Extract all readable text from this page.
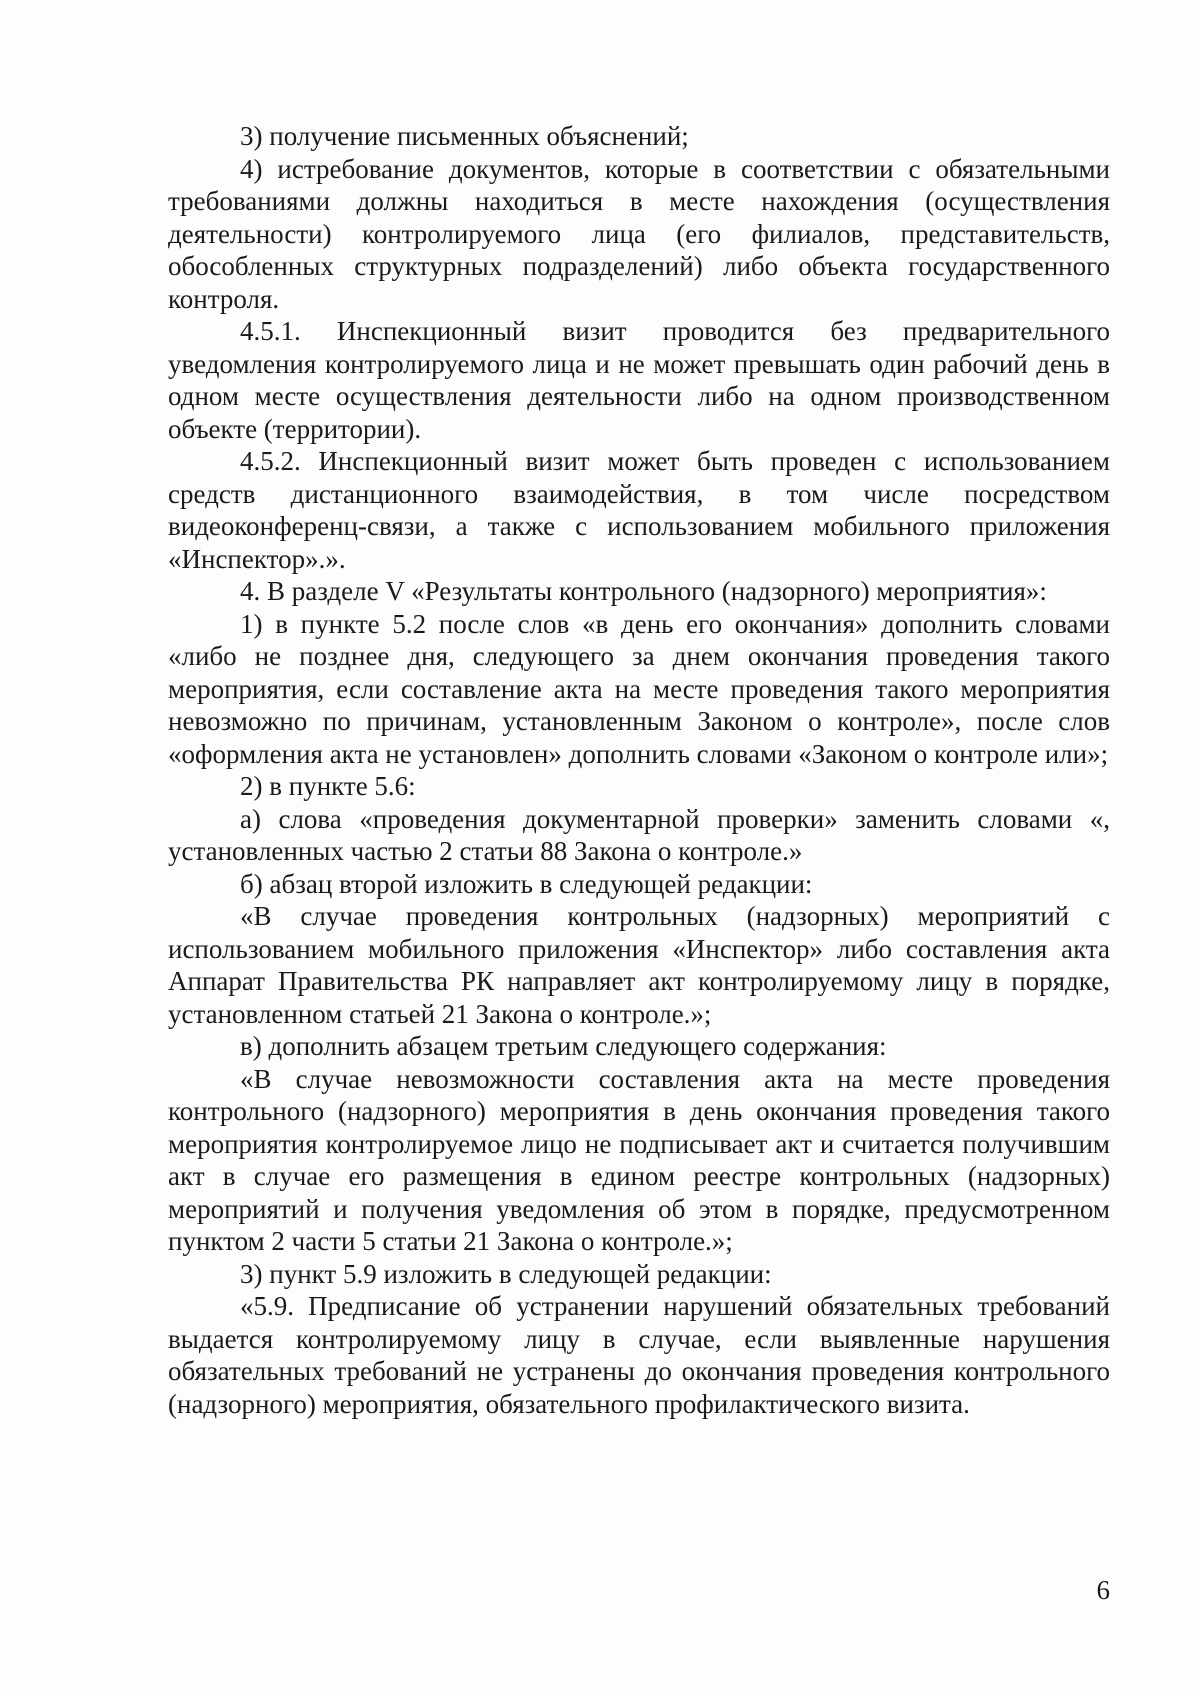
3) получение письменных объяснений;

4) истребование документов, которые в соответствии с обязательными требованиями должны находиться в месте нахождения (осуществления деятельности) контролируемого лица (его филиалов, представительств, обособленных структурных подразделений) либо объекта государственного контроля.

4.5.1. Инспекционный визит проводится без предварительного уведомления контролируемого лица и не может превышать один рабочий день в одном месте осуществления деятельности либо на одном производственном объекте (территории).

4.5.2. Инспекционный визит может быть проведен с использованием средств дистанционного взаимодействия, в том числе посредством видеоконференц-связи, а также с использованием мобильного приложения «Инспектор».».

4. В разделе V «Результаты контрольного (надзорного) мероприятия»:

1) в пункте 5.2 после слов «в день его окончания» дополнить словами «либо не позднее дня, следующего за днем окончания проведения такого мероприятия, если составление акта на месте проведения такого мероприятия невозможно по причинам, установленным Законом о контроле», после слов «оформления акта не установлен» дополнить словами «Законом о контроле или»;

2) в пункте 5.6:

а) слова «проведения документарной проверки» заменить словами «, установленных частью 2 статьи 88 Закона о контроле.»

б) абзац второй изложить в следующей редакции:

«В случае проведения контрольных (надзорных) мероприятий с использованием мобильного приложения «Инспектор» либо составления акта Аппарат Правительства РК направляет акт контролируемому лицу в порядке, установленном статьей 21 Закона о контроле.»;

в) дополнить абзацем третьим следующего содержания:

«В случае невозможности составления акта на месте проведения контрольного (надзорного) мероприятия в день окончания проведения такого мероприятия контролируемое лицо не подписывает акт и считается получившим акт в случае его размещения в едином реестре контрольных (надзорных) мероприятий и получения уведомления об этом в порядке, предусмотренном пунктом 2 части 5 статьи 21 Закона о контроле.»;

3) пункт 5.9 изложить в следующей редакции:

«5.9. Предписание об устранении нарушений обязательных требований выдается контролируемому лицу в случае, если выявленные нарушения обязательных требований не устранены до окончания проведения контрольного (надзорного) мероприятия, обязательного профилактического визита.

6
